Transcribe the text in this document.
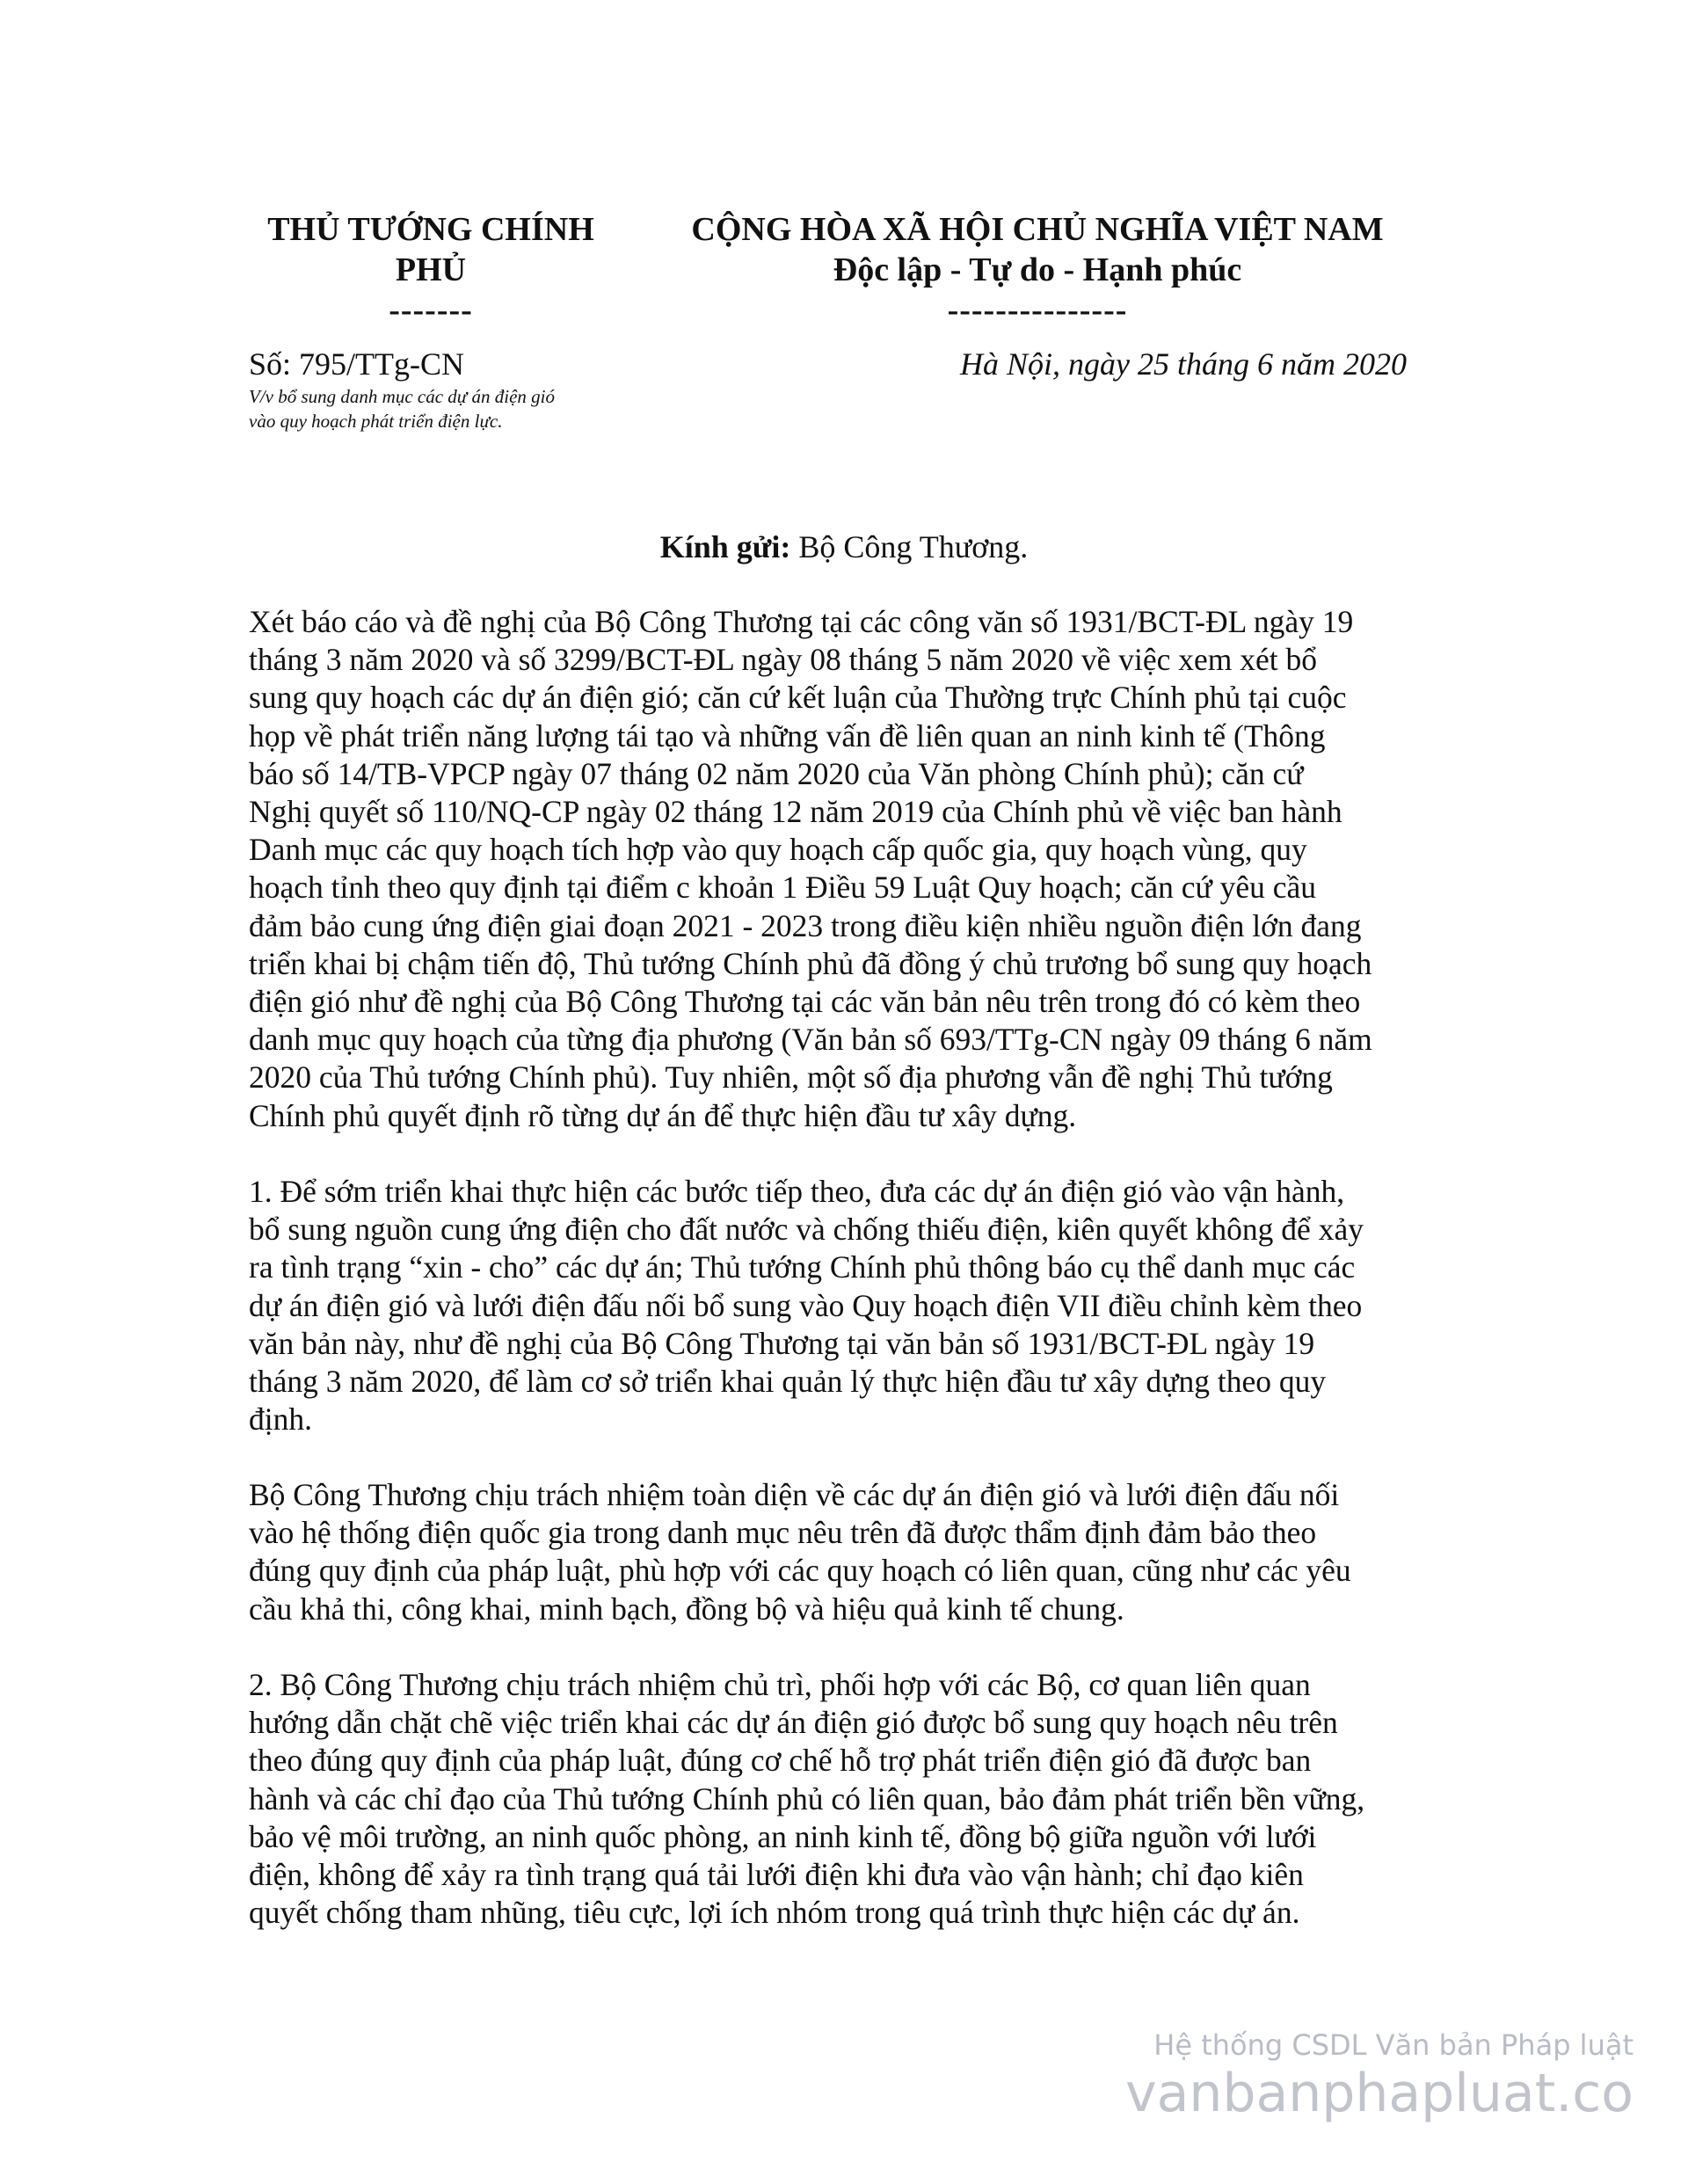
THỦ TƯỚNG CHÍNH
PHỦ
-------
CỘNG HÒA XÃ HỘI CHỦ NGHĨA VIỆT NAM
Độc lập - Tự do - Hạnh phúc
---------------
Số: 795/TTg-CN
V/v bổ sung danh mục các dự án điện gió
vào quy hoạch phát triển điện lực.
Hà Nội, ngày 25 tháng 6 năm 2020
Kính gửi: Bộ Công Thương.
Xét báo cáo và đề nghị của Bộ Công Thương tại các công văn số 1931/BCT-ĐL ngày 19
tháng 3 năm 2020 và số 3299/BCT-ĐL ngày 08 tháng 5 năm 2020 về việc xem xét bổ
sung quy hoạch các dự án điện gió; căn cứ kết luận của Thường trực Chính phủ tại cuộc
họp về phát triển năng lượng tái tạo và những vấn đề liên quan an ninh kinh tế (Thông
báo số 14/TB-VPCP ngày 07 tháng 02 năm 2020 của Văn phòng Chính phủ); căn cứ
Nghị quyết số 110/NQ-CP ngày 02 tháng 12 năm 2019 của Chính phủ về việc ban hành
Danh mục các quy hoạch tích hợp vào quy hoạch cấp quốc gia, quy hoạch vùng, quy
hoạch tỉnh theo quy định tại điểm c khoản 1 Điều 59 Luật Quy hoạch; căn cứ yêu cầu
đảm bảo cung ứng điện giai đoạn 2021 - 2023 trong điều kiện nhiều nguồn điện lớn đang
triển khai bị chậm tiến độ, Thủ tướng Chính phủ đã đồng ý chủ trương bổ sung quy hoạch
điện gió như đề nghị của Bộ Công Thương tại các văn bản nêu trên trong đó có kèm theo
danh mục quy hoạch của từng địa phương (Văn bản số 693/TTg-CN ngày 09 tháng 6 năm
2020 của Thủ tướng Chính phủ). Tuy nhiên, một số địa phương vẫn đề nghị Thủ tướng
Chính phủ quyết định rõ từng dự án để thực hiện đầu tư xây dựng.
1. Để sớm triển khai thực hiện các bước tiếp theo, đưa các dự án điện gió vào vận hành,
bổ sung nguồn cung ứng điện cho đất nước và chống thiếu điện, kiên quyết không để xảy
ra tình trạng “xin - cho” các dự án; Thủ tướng Chính phủ thông báo cụ thể danh mục các
dự án điện gió và lưới điện đấu nối bổ sung vào Quy hoạch điện VII điều chỉnh kèm theo
văn bản này, như đề nghị của Bộ Công Thương tại văn bản số 1931/BCT-ĐL ngày 19
tháng 3 năm 2020, để làm cơ sở triển khai quản lý thực hiện đầu tư xây dựng theo quy
định.
Bộ Công Thương chịu trách nhiệm toàn diện về các dự án điện gió và lưới điện đấu nối
vào hệ thống điện quốc gia trong danh mục nêu trên đã được thẩm định đảm bảo theo
đúng quy định của pháp luật, phù hợp với các quy hoạch có liên quan, cũng như các yêu
cầu khả thi, công khai, minh bạch, đồng bộ và hiệu quả kinh tế chung.
2. Bộ Công Thương chịu trách nhiệm chủ trì, phối hợp với các Bộ, cơ quan liên quan
hướng dẫn chặt chẽ việc triển khai các dự án điện gió được bổ sung quy hoạch nêu trên
theo đúng quy định của pháp luật, đúng cơ chế hỗ trợ phát triển điện gió đã được ban
hành và các chỉ đạo của Thủ tướng Chính phủ có liên quan, bảo đảm phát triển bền vững,
bảo vệ môi trường, an ninh quốc phòng, an ninh kinh tế, đồng bộ giữa nguồn với lưới
điện, không để xảy ra tình trạng quá tải lưới điện khi đưa vào vận hành; chỉ đạo kiên
quyết chống tham nhũng, tiêu cực, lợi ích nhóm trong quá trình thực hiện các dự án.
Hệ thống CSDL Văn bản Pháp luật
vanbanphapluat.co
